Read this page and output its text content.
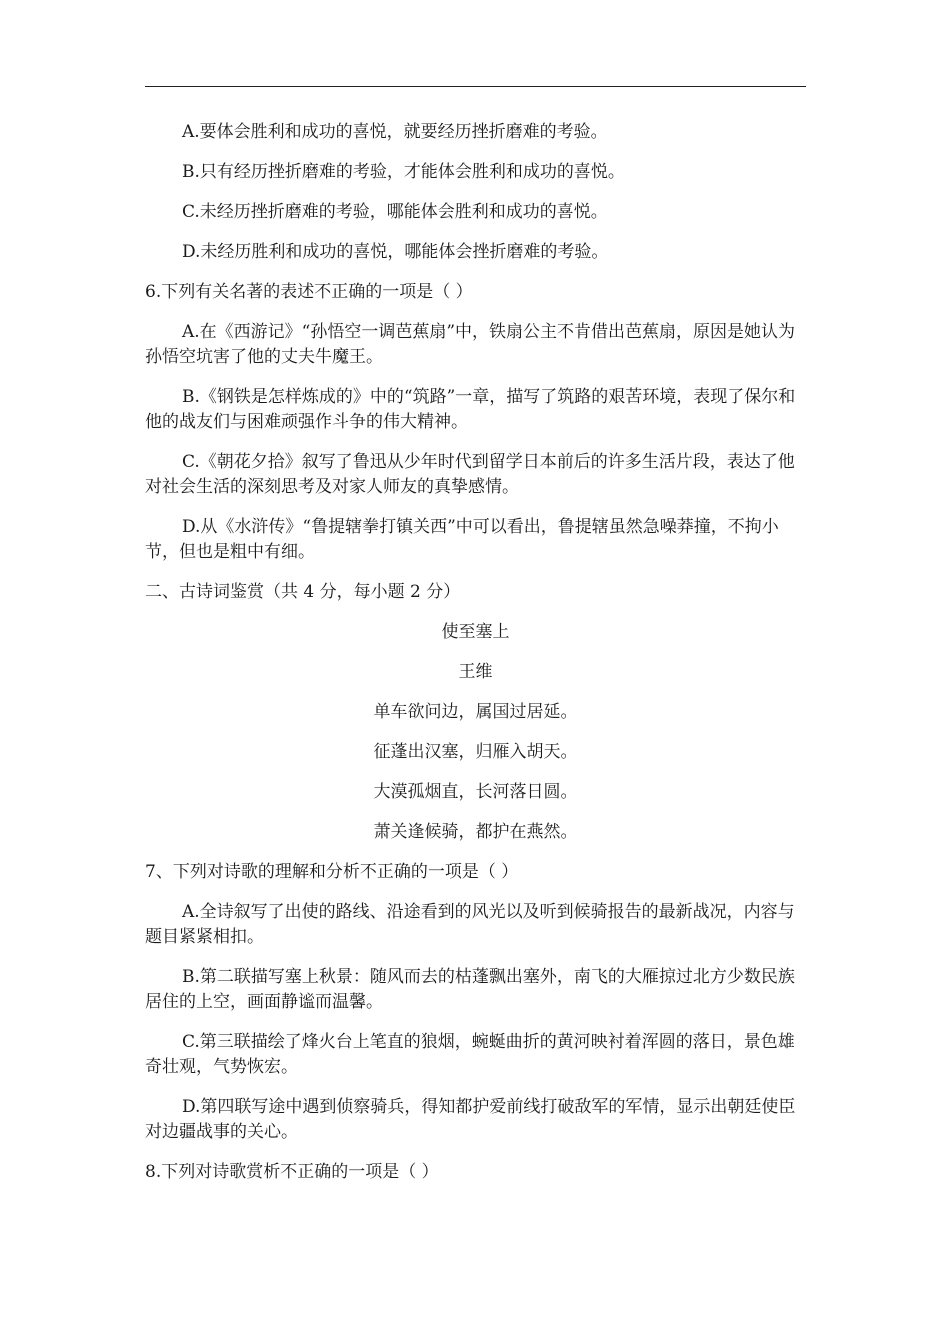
A.要体会胜利和成功的喜悦，就要经历挫折磨难的考验。

B.只有经历挫折磨难的考验，才能体会胜利和成功的喜悦。

C.未经历挫折磨难的考验，哪能体会胜利和成功的喜悦。

D.未经历胜利和成功的喜悦，哪能体会挫折磨难的考验。

6.下列有关名著的表述不正确的一项是（ ）

A.在《西游记》“孙悟空一调芭蕉扇”中，铁扇公主不肯借出芭蕉扇，原因是她认为孙悟空坑害了他的丈夫牛魔王。

B.《钢铁是怎样炼成的》中的“筑路”一章，描写了筑路的艰苦环境，表现了保尔和他的战友们与困难顽强作斗争的伟大精神。

C.《朝花夕拾》叙写了鲁迅从少年时代到留学日本前后的许多生活片段，表达了他对社会生活的深刻思考及对家人师友的真挚感情。

D.从《水浒传》“鲁提辖拳打镇关西”中可以看出，鲁提辖虽然急噪莽撞，不拘小节，但也是粗中有细。

二、古诗词鉴赏（共 4 分，每小题 2 分）

使至塞上

王维

单车欲问边，属国过居延。

征蓬出汉塞，归雁入胡天。

大漠孤烟直，长河落日圆。

萧关逢候骑，都护在燕然。

7、下列对诗歌的理解和分析不正确的一项是（ ）

A.全诗叙写了出使的路线、沿途看到的风光以及听到候骑报告的最新战况，内容与题目紧紧相扣。

B.第二联描写塞上秋景：随风而去的枯蓬飘出塞外，南飞的大雁掠过北方少数民族居住的上空，画面静谧而温馨。

C.第三联描绘了烽火台上笔直的狼烟，蜿蜒曲折的黄河映衬着浑圆的落日，景色雄奇壮观，气势恢宏。

D.第四联写途中遇到侦察骑兵，得知都护爱前线打破敌军的军情，显示出朝廷使臣对边疆战事的关心。

8.下列对诗歌赏析不正确的一项是（ ）
